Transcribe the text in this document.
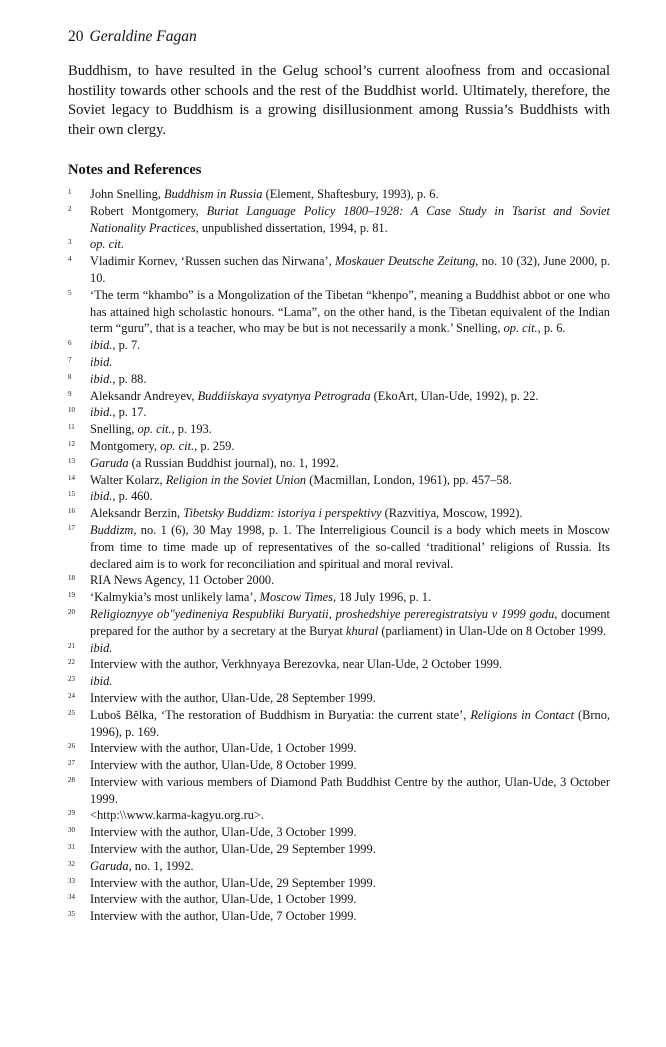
20 Geraldine Fagan

Buddhism, to have resulted in the Gelug school’s current aloofness from and occasional hostility towards other schools and the rest of the Buddhist world. Ultimately, therefore, the Soviet legacy to Buddhism is a growing disillusionment among Russia’s Buddhists with their own clergy.

Notes and References
1	John Snelling, Buddhism in Russia (Element, Shaftesbury, 1993), p. 6.
2	Robert Montgomery, Buriat Language Policy 1800–1928: A Case Study in Tsarist and Soviet Nationality Practices, unpublished dissertation, 1994, p. 81.
3	op. cit.
4	Vladimir Kornev, ‘Russen suchen das Nirwana’, Moskauer Deutsche Zeitung, no. 10 (32), June 2000, p. 10.
5	‘The term “khambo” is a Mongolization of the Tibetan “khenpo”, meaning a Buddhist abbot or one who has attained high scholastic honours. “Lama”, on the other hand, is the Tibetan equivalent of the Indian term “guru”, that is a teacher, who may be but is not necessarily a monk.’ Snelling, op. cit., p. 6.
6	ibid., p. 7.
7	ibid.
8	ibid., p. 88.
9	Aleksandr Andreyev, Buddiiskaya svyatynya Petrograda (EkoArt, Ulan-Ude, 1992), p. 22.
10	ibid., p. 17.
11	Snelling, op. cit., p. 193.
12	Montgomery, op. cit., p. 259.
13	Garuda (a Russian Buddhist journal), no. 1, 1992.
14	Walter Kolarz, Religion in the Soviet Union (Macmillan, London, 1961), pp. 457–58.
15	ibid., p. 460.
16	Aleksandr Berzin, Tibetsky Buddizm: istoriya i perspektivy (Razvitiya, Moscow, 1992).
17	Buddizm, no. 1 (6), 30 May 1998, p. 1. The Interreligious Council is a body which meets in Moscow from time to time made up of representatives of the so-called ‘traditional’ religions of Russia. Its declared aim is to work for reconciliation and spiritual and moral revival.
18	RIA News Agency, 11 October 2000.
19	‘Kalmykia’s most unlikely lama’, Moscow Times, 18 July 1996, p. 1.
20	Religioznyye ob"yedineniya Respubliki Buryatii, proshedshiye pereregistratsiyu v 1999 godu, document prepared for the author by a secretary at the Buryat khural (parliament) in Ulan-Ude on 8 October 1999.
21	ibid.
22	Interview with the author, Verkhnyaya Berezovka, near Ulan-Ude, 2 October 1999.
23	ibid.
24	Interview with the author, Ulan-Ude, 28 September 1999.
25	Luboš Bělka, ‘The restoration of Buddhism in Buryatia: the current state’, Religions in Contact (Brno, 1996), p. 169.
26	Interview with the author, Ulan-Ude, 1 October 1999.
27	Interview with the author, Ulan-Ude, 8 October 1999.
28	Interview with various members of Diamond Path Buddhist Centre by the author, Ulan-Ude, 3 October 1999.
29	<http:\\www.karma-kagyu.org.ru>.
30	Interview with the author, Ulan-Ude, 3 October 1999.
31	Interview with the author, Ulan-Ude, 29 September 1999.
32	Garuda, no. 1, 1992.
33	Interview with the author, Ulan-Ude, 29 September 1999.
34	Interview with the author, Ulan-Ude, 1 October 1999.
35	Interview with the author, Ulan-Ude, 7 October 1999.
